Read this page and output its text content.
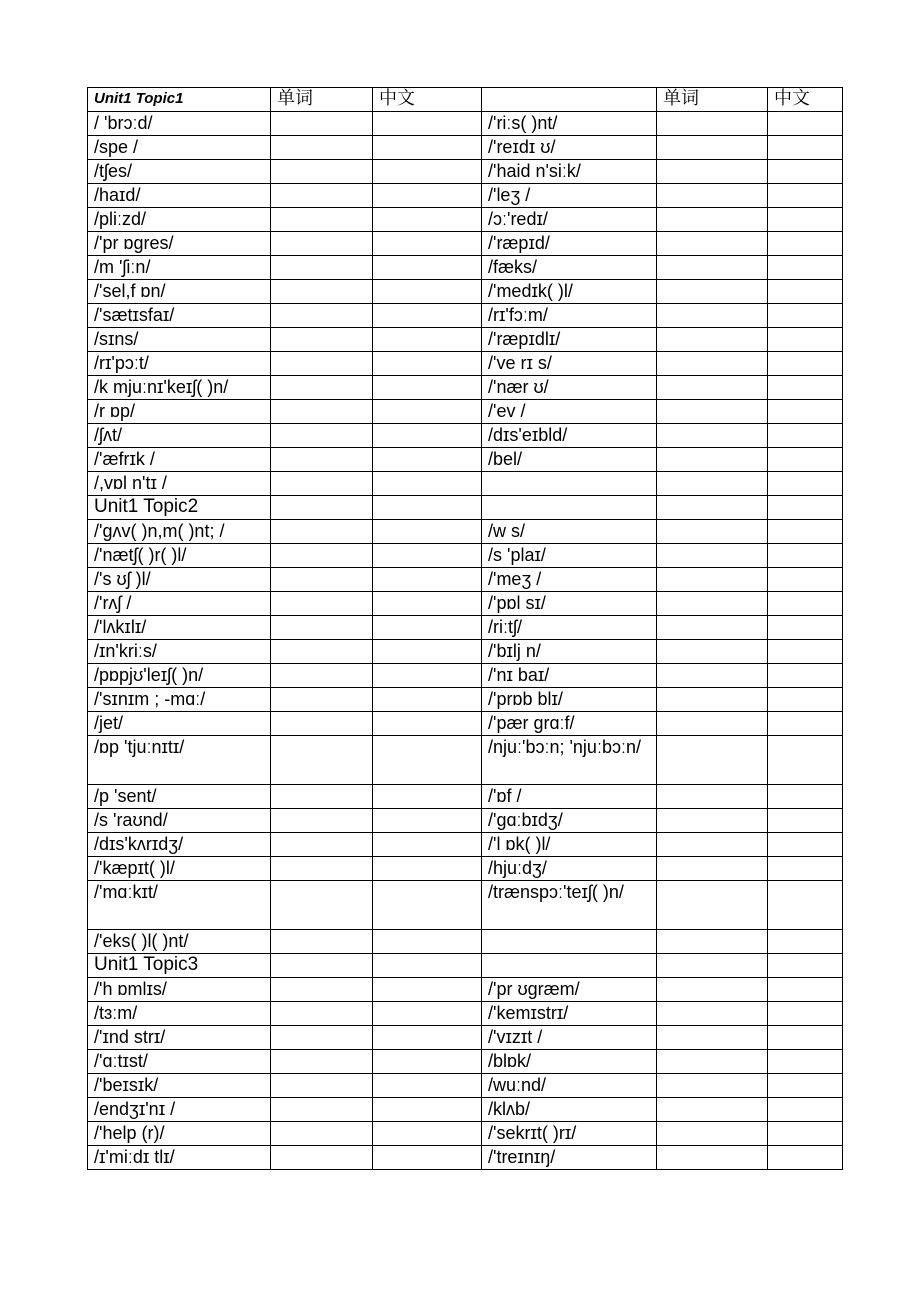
Unit1 Topic1	单词	中文		单词	中文
/ 'brɔːd/			/'riːs( )nt/		
/spe /			/'reɪdɪ ʊ/		
/tʃes/			/'haid n'siːk/		
/haɪd/			/'leʒ /		
/pliːzd/			/ɔː'redɪ/		
/'pr ɒgres/			/'ræpɪd/		
/m 'ʃiːn/			/fæks/		
/'sel,f ɒn/			/'medɪk( )l/		
/'sætɪsfaɪ/			/rɪ'fɔːm/		
/sɪns/			/'ræpɪdlɪ/		
/rɪ'pɔːt/			/'ve rɪ s/		
/k mjuːnɪ'keɪʃ( )n/			/'nær ʊ/		
/r ɒp/			/'ev /		
/ʃʌt/			/dɪs'eɪbld/		
/'æfrɪk /			/bel/		
/,vɒl n'tɪ /					
Unit1 Topic2					
/'gʌv( )n,m( )nt; /			/w s/		
/'nætʃ( )r( )l/			/s 'plaɪ/		
/'s ʊʃ )l/			/'meʒ /		
/'rʌʃ /			/'pɒl sɪ/		
/'lʌkɪlɪ/			/riːtʃ/		
/ɪn'kriːs/			/'bɪlj n/		
/pɒpjʊ'leɪʃ( )n/			/'nɪ baɪ/		
/'sɪnɪm ; -mɑː/			/'prɒb blɪ/		
/jet/			/'pær grɑːf/		
/ɒp 'tjuːnɪtɪ/			/njuː'bɔːn; 'njuːbɔːn/		
/p 'sent/			/'ɒf /		
/s 'raʊnd/			/'gɑːbɪdʒ/		
/dɪs'kʌrɪdʒ/			/'l ɒk( )l/		
/'kæpɪt( )l/			/hjuːdʒ/		
/'mɑːkɪt/			/trænspɔː'teɪʃ( )n/		
/'eks( )l( )nt/					
Unit1 Topic3					
/'h ɒmlɪs/			/'pr ʊgræm/		
/tɜːm/			/'kemɪstrɪ/		
/'ɪnd strɪ/			/'vɪzɪt /		
/'ɑːtɪst/			/blɒk/		
/'beɪsɪk/			/wuːnd/		
/endʒɪ'nɪ /			/klʌb/		
/'help (r)/			/'sekrɪt( )rɪ/		
/ɪ'miːdɪ tlɪ/			/'treɪnɪŋ/		
